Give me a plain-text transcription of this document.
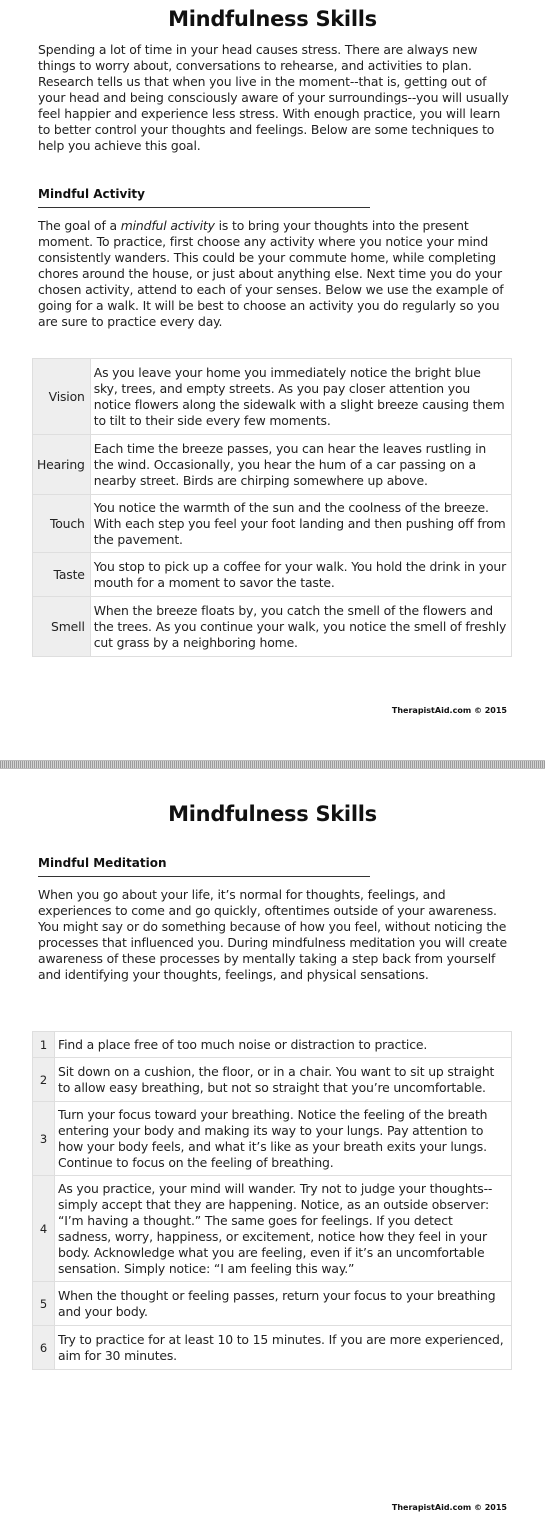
Mindfulness Skills

Spending a lot of time in your head causes stress. There are always new things to worry about, conversations to rehearse, and activities to plan. Research tells us that when you live in the moment--that is, getting out of your head and being consciously aware of your surroundings--you will usually feel happier and experience less stress. With enough practice, you will learn to better control your thoughts and feelings. Below are some techniques to help you achieve this goal.

Mindful Activity

The goal of a mindful activity is to bring your thoughts into the present moment. To practice, first choose any activity where you notice your mind consistently wanders. This could be your commute home, while completing chores around the house, or just about anything else. Next time you do your chosen activity, attend to each of your senses. Below we use the example of going for a walk. It will be best to choose an activity you do regularly so you are sure to practice every day.

Vision	As you leave your home you immediately notice the bright blue sky, trees, and empty streets. As you pay closer attention you notice flowers along the sidewalk with a slight breeze causing them to tilt to their side every few moments.
Hearing	Each time the breeze passes, you can hear the leaves rustling in the wind. Occasionally, you hear the hum of a car passing on a nearby street. Birds are chirping somewhere up above.
Touch	You notice the warmth of the sun and the coolness of the breeze. With each step you feel your foot landing and then pushing off from the pavement.
Taste	You stop to pick up a coffee for your walk. You hold the drink in your mouth for a moment to savor the taste.
Smell	When the breeze floats by, you catch the smell of the flowers and the trees. As you continue your walk, you notice the smell of freshly cut grass by a neighboring home.
TherapistAid.com © 2015
Mindfulness Skills
Mindful Meditation

When you go about your life, it’s normal for thoughts, feelings, and experiences to come and go quickly, oftentimes outside of your awareness. You might say or do something because of how you feel, without noticing the processes that influenced you. During mindfulness meditation you will create awareness of these processes by mentally taking a step back from yourself and identifying your thoughts, feelings, and physical sensations.

1	Find a place free of too much noise or distraction to practice.
2	Sit down on a cushion, the floor, or in a chair. You want to sit up straight to allow easy breathing, but not so straight that you’re uncomfortable.
3	Turn your focus toward your breathing. Notice the feeling of the breath entering your body and making its way to your lungs. Pay attention to how your body feels, and what it’s like as your breath exits your lungs. Continue to focus on the feeling of breathing.
4	As you practice, your mind will wander. Try not to judge your thoughts--simply accept that they are happening. Notice, as an outside observer: “I’m having a thought.” The same goes for feelings. If you detect sadness, worry, happiness, or excitement, notice how they feel in your body. Acknowledge what you are feeling, even if it’s an uncomfortable sensation. Simply notice: “I am feeling this way.”
5	When the thought or feeling passes, return your focus to your breathing and your body.
6	Try to practice for at least 10 to 15 minutes. If you are more experienced, aim for 30 minutes.
TherapistAid.com © 2015
